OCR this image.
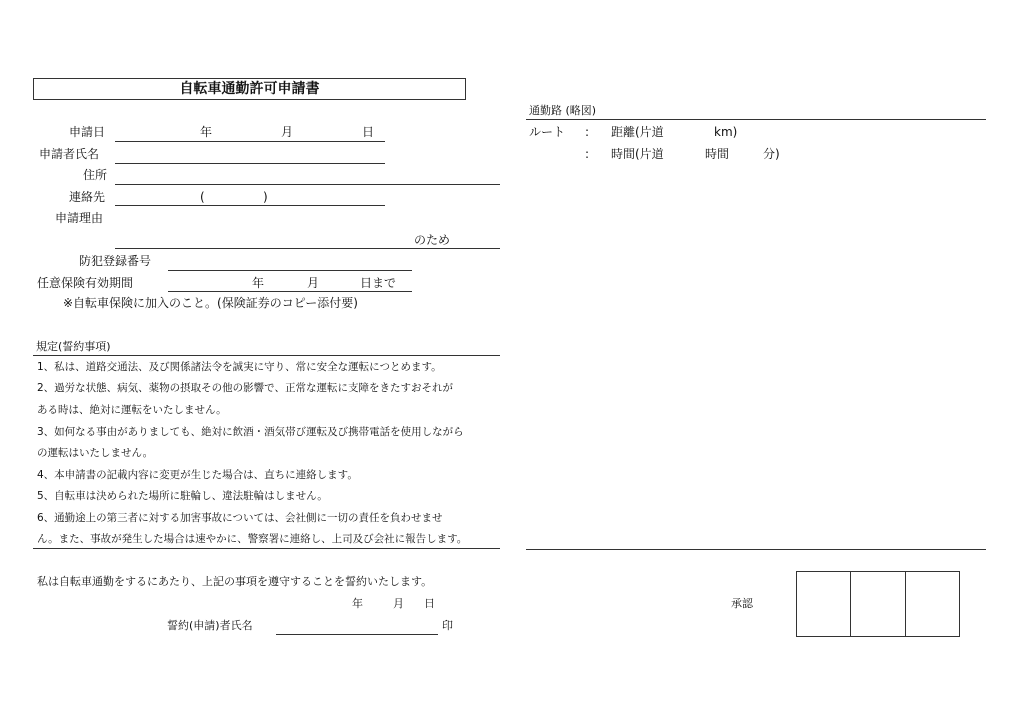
自転車通勤許可申請書
申請日	年	月	日
申請者氏名
住所
連絡先	(	)
申請理由
のため
防犯登録番号
任意保険有効期間	年	月	日まで
※自転車保険に加入のこと。(保険証券のコピー添付要)
規定(誓約事項)
1、私は、道路交通法、及び関係諸法令を誠実に守り、常に安全な運転につとめます。
2、過労な状態、病気、薬物の摂取その他の影響で、正常な運転に支障をきたすおそれが
ある時は、絶対に運転をいたしません。
3、如何なる事由がありましても、絶対に飲酒・酒気帯び運転及び携帯電話を使用しながら
の運転はいたしません。
4、本申請書の記載内容に変更が生じた場合は、直ちに連絡します。
5、自転車は決められた場所に駐輪し、違法駐輪はしません。
6、通勤途上の第三者に対する加害事故については、会社側に一切の責任を負わせませ
ん。また、事故が発生した場合は速やかに、警察署に連絡し、上司及び会社に報告します。
私は自転車通勤をするにあたり、上記の事項を遵守することを誓約いたします。
年	月 日
誓約(申請)者氏名	印
通勤路 (略図)
ルート : 距離(片道	km)
: 時間(片道	時間	分)
承認
